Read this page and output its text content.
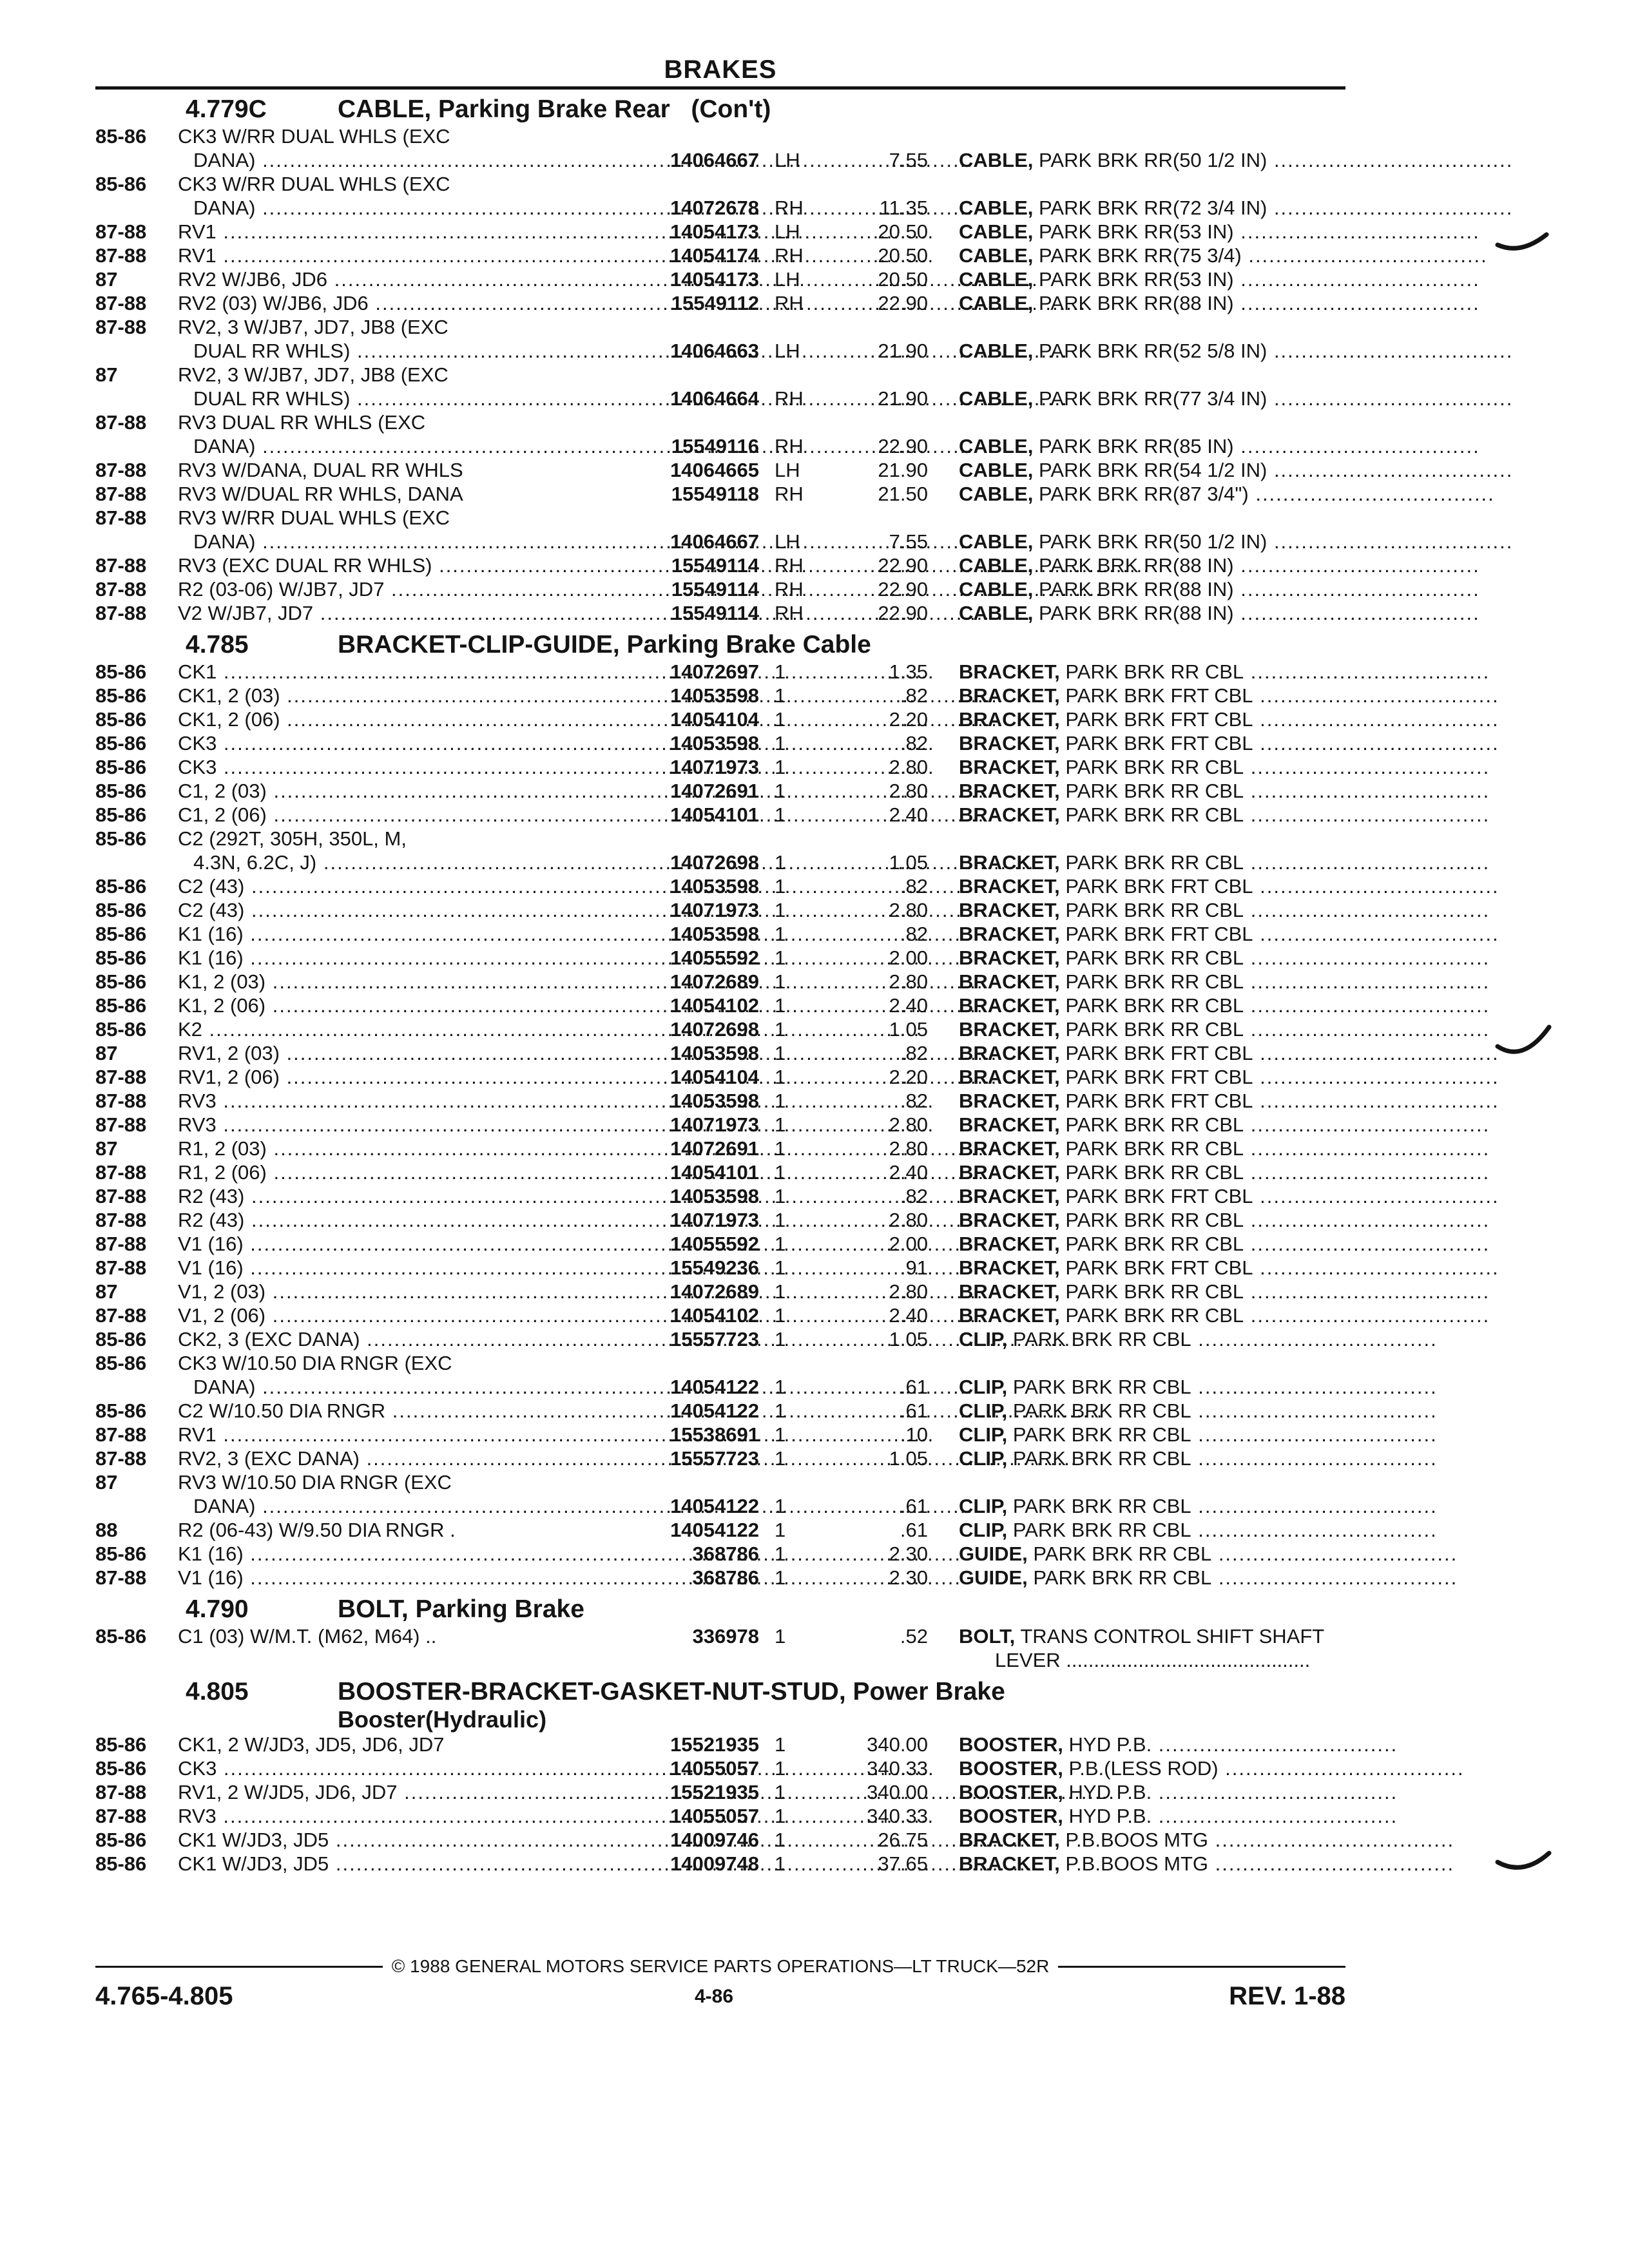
BRAKES
4.779C	CABLE, Parking Brake Rear   (Con't)
85-86 CK3 W/RR DUAL WHLS (EXC
DANA) .....	14064667 LH	7.55 CABLE, PARK BRK RR(50 1/2 IN) ...................................
85-86 CK3 W/RR DUAL WHLS (EXC
DANA) .....	14072678 RH	11.35 CABLE, PARK BRK RR(72 3/4 IN) ...................................
87-88 RV1 .....	14054173 LH	20.50 CABLE, PARK BRK RR(53 IN) ...................................
87-88 RV1 .....	14054174 RH	20.50 CABLE, PARK BRK RR(75 3/4) ...................................
87	RV2 W/JB6, JD6 .....	14054173 LH	20.50 CABLE, PARK BRK RR(53 IN) ...................................
87-88 RV2 (03) W/JB6, JD6 .....	15549112 RH	22.90 CABLE, PARK BRK RR(88 IN) ...................................
87-88 RV2, 3 W/JB7, JD7, JB8 (EXC
DUAL RR WHLS) .....	14064663 LH	21.90 CABLE, PARK BRK RR(52 5/8 IN) ...................................
87	RV2, 3 W/JB7, JD7, JB8 (EXC
DUAL RR WHLS) .....	14064664 RH	21.90 CABLE, PARK BRK RR(77 3/4 IN) ...................................
87-88 RV3 DUAL RR WHLS (EXC
DANA) .....	15549116 RH	22.90 CABLE, PARK BRK RR(85 IN) ...................................
87-88 RV3 W/DANA, DUAL RR WHLS	14064665 LH	21.90 CABLE, PARK BRK RR(54 1/2 IN) ...................................
87-88 RV3 W/DUAL RR WHLS, DANA	15549118 RH	21.50 CABLE, PARK BRK RR(87 3/4") ...................................
87-88 RV3 W/RR DUAL WHLS (EXC
DANA) .....	14064667 LH	7.55 CABLE, PARK BRK RR(50 1/2 IN) ...................................
87-88 RV3 (EXC DUAL RR WHLS) .....	15549114 RH	22.90 CABLE, PARK BRK RR(88 IN) ...................................
87-88 R2 (03-06) W/JB7, JD7 .....	15549114 RH	22.90 CABLE, PARK BRK RR(88 IN) ...................................
87-88 V2 W/JB7, JD7 .....	15549114 RH	22.90 CABLE, PARK BRK RR(88 IN) ...................................
4.785	BRACKET-CLIP-GUIDE, Parking Brake Cable
85-86 CK1 .....	14072697 1	1.35 BRACKET, PARK BRK RR CBL ...................................
85-86 CK1, 2 (03) .....	14053598 1	.82 BRACKET, PARK BRK FRT CBL ...................................
85-86 CK1, 2 (06) .....	14054104 1	2.20 BRACKET, PARK BRK FRT CBL ...................................
85-86 CK3 .....	14053598 1	.82 BRACKET, PARK BRK FRT CBL ...................................
85-86 CK3 .....	14071973 1	2.80 BRACKET, PARK BRK RR CBL ...................................
85-86 C1, 2 (03) .....	14072691 1	2.80 BRACKET, PARK BRK RR CBL ...................................
85-86 C1, 2 (06) .....	14054101 1	2.40 BRACKET, PARK BRK RR CBL ...................................
85-86 C2 (292T, 305H, 350L, M,
4.3N, 6.2C, J) .....	14072698 1	1.05 BRACKET, PARK BRK RR CBL ...................................
85-86 C2 (43) .....	14053598 1	.82 BRACKET, PARK BRK FRT CBL ...................................
85-86 C2 (43) .....	14071973 1	2.80 BRACKET, PARK BRK RR CBL ...................................
85-86 K1 (16) .....	14053598 1	.82 BRACKET, PARK BRK FRT CBL ...................................
85-86 K1 (16) .....	14055592 1	2.00 BRACKET, PARK BRK RR CBL ...................................
85-86 K1, 2 (03) .....	14072689 1	2.80 BRACKET, PARK BRK RR CBL ...................................
85-86 K1, 2 (06) .....	14054102 1	2.40 BRACKET, PARK BRK RR CBL ...................................
85-86 K2 .....	14072698 1	1.05 BRACKET, PARK BRK RR CBL ...................................
87	RV1, 2 (03) .....	14053598 1	.82 BRACKET, PARK BRK FRT CBL ...................................
87-88 RV1, 2 (06) .....	14054104 1	2.20 BRACKET, PARK BRK FRT CBL ...................................
87-88 RV3 .....	14053598 1	.82 BRACKET, PARK BRK FRT CBL ...................................
87-88 RV3 .....	14071973 1	2.80 BRACKET, PARK BRK RR CBL ...................................
87	R1, 2 (03) .....	14072691 1	2.80 BRACKET, PARK BRK RR CBL ...................................
87-88 R1, 2 (06) .....	14054101 1	2.40 BRACKET, PARK BRK RR CBL ...................................
87-88 R2 (43) .....	14053598 1	.82 BRACKET, PARK BRK FRT CBL ...................................
87-88 R2 (43) .....	14071973 1	2.80 BRACKET, PARK BRK RR CBL ...................................
87-88 V1 (16) .....	14055592 1	2.00 BRACKET, PARK BRK RR CBL ...................................
87-88 V1 (16) .....	15549236 1	.91 BRACKET, PARK BRK FRT CBL ...................................
87	V1, 2 (03) .....	14072689 1	2.80 BRACKET, PARK BRK RR CBL ...................................
87-88 V1, 2 (06) .....	14054102 1	2.40 BRACKET, PARK BRK RR CBL ...................................
85-86 CK2, 3 (EXC DANA) .....	15557723 1	1.05 CLIP, PARK BRK RR CBL ...................................
85-86 CK3 W/10.50 DIA RNGR (EXC
DANA) .....	14054122 1	.61 CLIP, PARK BRK RR CBL ...................................
85-86 C2 W/10.50 DIA RNGR .....	14054122 1	.61 CLIP, PARK BRK RR CBL ...................................
87-88 RV1 .....	15538691 1	.10 CLIP, PARK BRK RR CBL ...................................
87-88 RV2, 3 (EXC DANA) .....	15557723 1	1.05 CLIP, PARK BRK RR CBL ...................................
87	RV3 W/10.50 DIA RNGR (EXC
DANA) .....	14054122 1	.61 CLIP, PARK BRK RR CBL ...................................
88	R2 (06-43) W/9.50 DIA RNGR .	14054122 1	.61 CLIP, PARK BRK RR CBL ...................................
85-86 K1 (16) .....	368786 1	2.30 GUIDE, PARK BRK RR CBL ...................................
87-88 V1 (16) .....	368786 1	2.30 GUIDE, PARK BRK RR CBL ...................................
4.790	BOLT, Parking Brake
85-86 C1 (03) W/M.T. (M62, M64) ..	336978 1	.52 BOLT, TRANS CONTROL SHIFT SHAFT
LEVER ............................................
4.805	BOOSTER-BRACKET-GASKET-NUT-STUD, Power Brake
Booster(Hydraulic)
85-86 CK1, 2 W/JD3, JD5, JD6, JD7	15521935 1	340.00 BOOSTER, HYD P.B. ...................................
85-86 CK3 .....	14055057 1	340.33 BOOSTER, P.B.(LESS ROD) ...................................
87-88 RV1, 2 W/JD5, JD6, JD7 .....	15521935 1	340.00 BOOSTER, HYD P.B. ...................................
87-88 RV3 .....	14055057 1	340.33 BOOSTER, HYD P.B. ...................................
85-86 CK1 W/JD3, JD5 .....	14009746 1	26.75 BRACKET, P.B.BOOS MTG ...................................
85-86 CK1 W/JD3, JD5 .....	14009748 1	37.65 BRACKET, P.B.BOOS MTG ...................................
© 1988 GENERAL MOTORS SERVICE PARTS OPERATIONS—LT TRUCK—52R
4.765-4.805	4-86	REV. 1-88
